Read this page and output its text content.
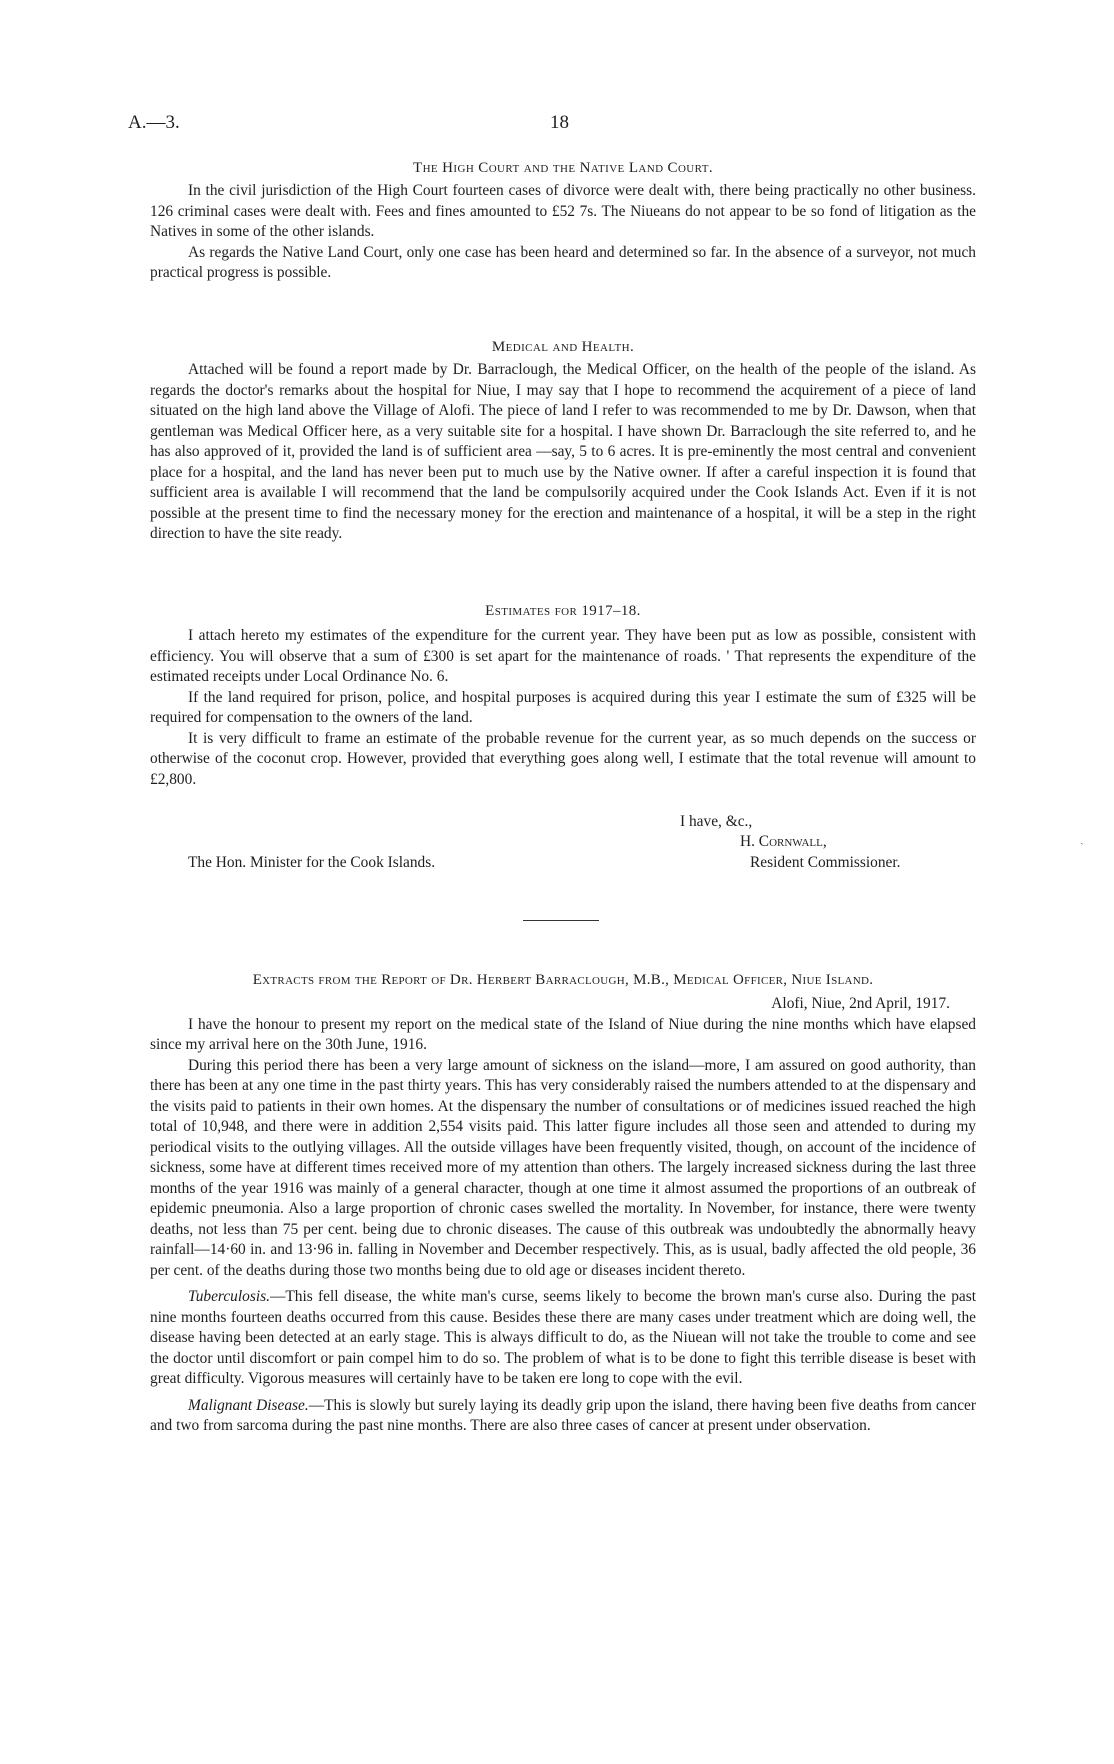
A.—3.	18
The High Court and the Native Land Court.

In the civil jurisdiction of the High Court fourteen cases of divorce were dealt with, there being practically no other business. 126 criminal cases were dealt with. Fees and fines amounted to £52 7s. The Niueans do not appear to be so fond of litigation as the Natives in some of the other islands.

As regards the Native Land Court, only one case has been heard and determined so far. In the absence of a surveyor, not much practical progress is possible.

Medical and Health.

Attached will be found a report made by Dr. Barraclough, the Medical Officer, on the health of the people of the island. As regards the doctor's remarks about the hospital for Niue, I may say that I hope to recommend the acquirement of a piece of land situated on the high land above the Village of Alofi. The piece of land I refer to was recommended to me by Dr. Dawson, when that gentleman was Medical Officer here, as a very suitable site for a hospital. I have shown Dr. Barraclough the site referred to, and he has also approved of it, provided the land is of sufficient area —say, 5 to 6 acres. It is pre-eminently the most central and convenient place for a hospital, and the land has never been put to much use by the Native owner. If after a careful inspection it is found that sufficient area is available I will recommend that the land be compulsorily acquired under the Cook Islands Act. Even if it is not possible at the present time to find the necessary money for the erection and maintenance of a hospital, it will be a step in the right direction to have the site ready.

Estimates for 1917–18.

I attach hereto my estimates of the expenditure for the current year. They have been put as low as possible, consistent with efficiency. You will observe that a sum of £300 is set apart for the maintenance of roads. ' That represents the expenditure of the estimated receipts under Local Ordinance No. 6.

If the land required for prison, police, and hospital purposes is acquired during this year I estimate the sum of £325 will be required for compensation to the owners of the land.

It is very difficult to frame an estimate of the probable revenue for the current year, as so much depends on the success or otherwise of the coconut crop. However, provided that everything goes along well, I estimate that the total revenue will amount to £2,800.

I have, &c.,
H. Cornwall,
The Hon. Minister for the Cook Islands.	Resident Commissioner.
ˏ
Extracts from the Report of Dr. Herbert Barraclough, M.B., Medical Officer, Niue Island.
Alofi, Niue, 2nd April, 1917.

I have the honour to present my report on the medical state of the Island of Niue during the nine months which have elapsed since my arrival here on the 30th June, 1916.

During this period there has been a very large amount of sickness on the island—more, I am assured on good authority, than there has been at any one time in the past thirty years. This has very considerably raised the numbers attended to at the dispensary and the visits paid to patients in their own homes. At the dispensary the number of consultations or of medicines issued reached the high total of 10,948, and there were in addition 2,554 visits paid. This latter figure includes all those seen and attended to during my periodical visits to the outlying villages. All the outside villages have been frequently visited, though, on account of the incidence of sickness, some have at different times received more of my attention than others. The largely increased sickness during the last three months of the year 1916 was mainly of a general character, though at one time it almost assumed the proportions of an outbreak of epidemic pneumonia. Also a large proportion of chronic cases swelled the mortality. In November, for instance, there were twenty deaths, not less than 75 per cent. being due to chronic diseases. The cause of this outbreak was undoubtedly the abnormally heavy rainfall—14·60 in. and 13·96 in. falling in November and December respectively. This, as is usual, badly affected the old people, 36 per cent. of the deaths during those two months being due to old age or diseases incident thereto.

Tuberculosis.—This fell disease, the white man's curse, seems likely to become the brown man's curse also. During the past nine months fourteen deaths occurred from this cause. Besides these there are many cases under treatment which are doing well, the disease having been detected at an early stage. This is always difficult to do, as the Niuean will not take the trouble to come and see the doctor until discomfort or pain compel him to do so. The problem of what is to be done to fight this terrible disease is beset with great difficulty. Vigorous measures will certainly have to be taken ere long to cope with the evil.

Malignant Disease.—This is slowly but surely laying its deadly grip upon the island, there having been five deaths from cancer and two from sarcoma during the past nine months. There are also three cases of cancer at present under observation.
